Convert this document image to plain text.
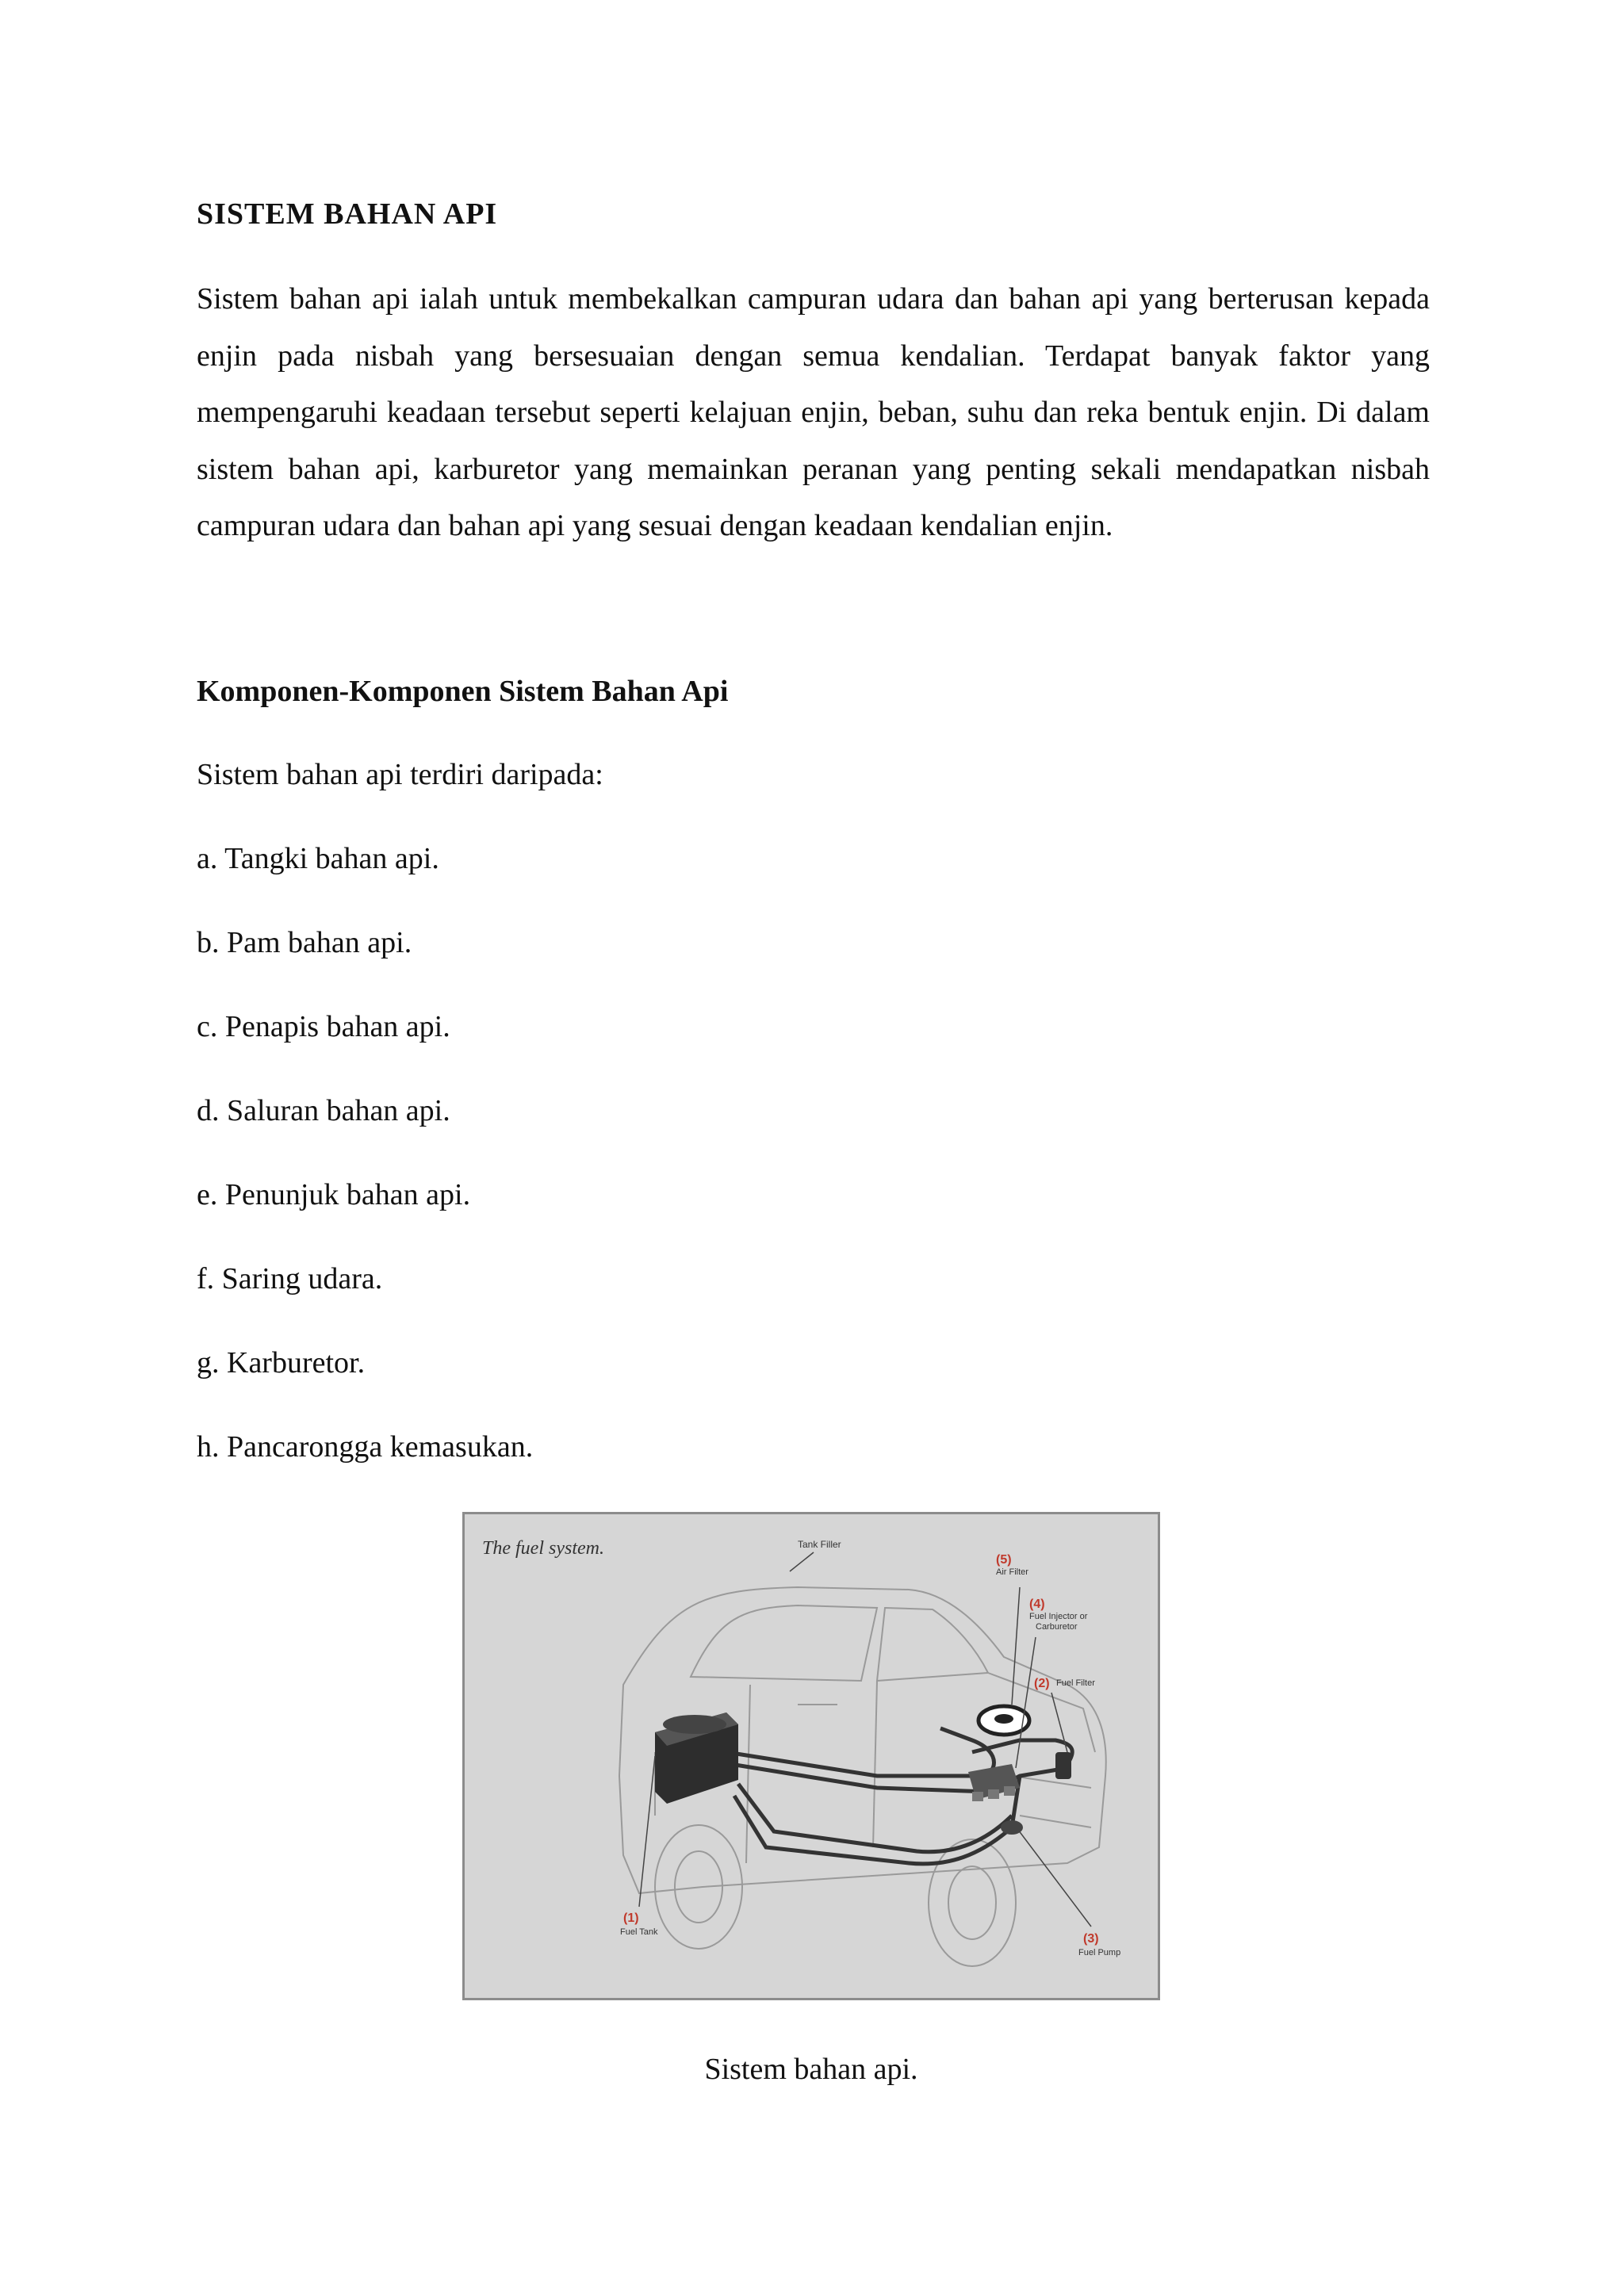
SISTEM BAHAN API

Sistem bahan api ialah untuk membekalkan campuran udara dan bahan api yang berterusan kepada enjin pada nisbah yang bersesuaian dengan semua kendalian. Terdapat banyak faktor yang mempengaruhi keadaan tersebut seperti kelajuan enjin, beban, suhu dan reka bentuk enjin. Di dalam sistem bahan api, karburetor yang memainkan peranan yang penting sekali mendapatkan nisbah campuran udara dan bahan api yang sesuai dengan keadaan kendalian enjin.

Komponen-Komponen Sistem Bahan Api

Sistem bahan api terdiri daripada:

a. Tangki bahan api.
b. Pam bahan api.
c. Penapis bahan api.
d. Saluran bahan api.
e. Penunjuk bahan api.
f. Saring udara.
g. Karburetor.
h. Pancarongga kemasukan.
The fuel system.	Tank Filler
(5)
Air Filter
(4)
Fuel Injector or
Carburetor
(2) Fuel Filter
(1)
Fuel Tank	(3)
Fuel Pump

Sistem bahan api.
